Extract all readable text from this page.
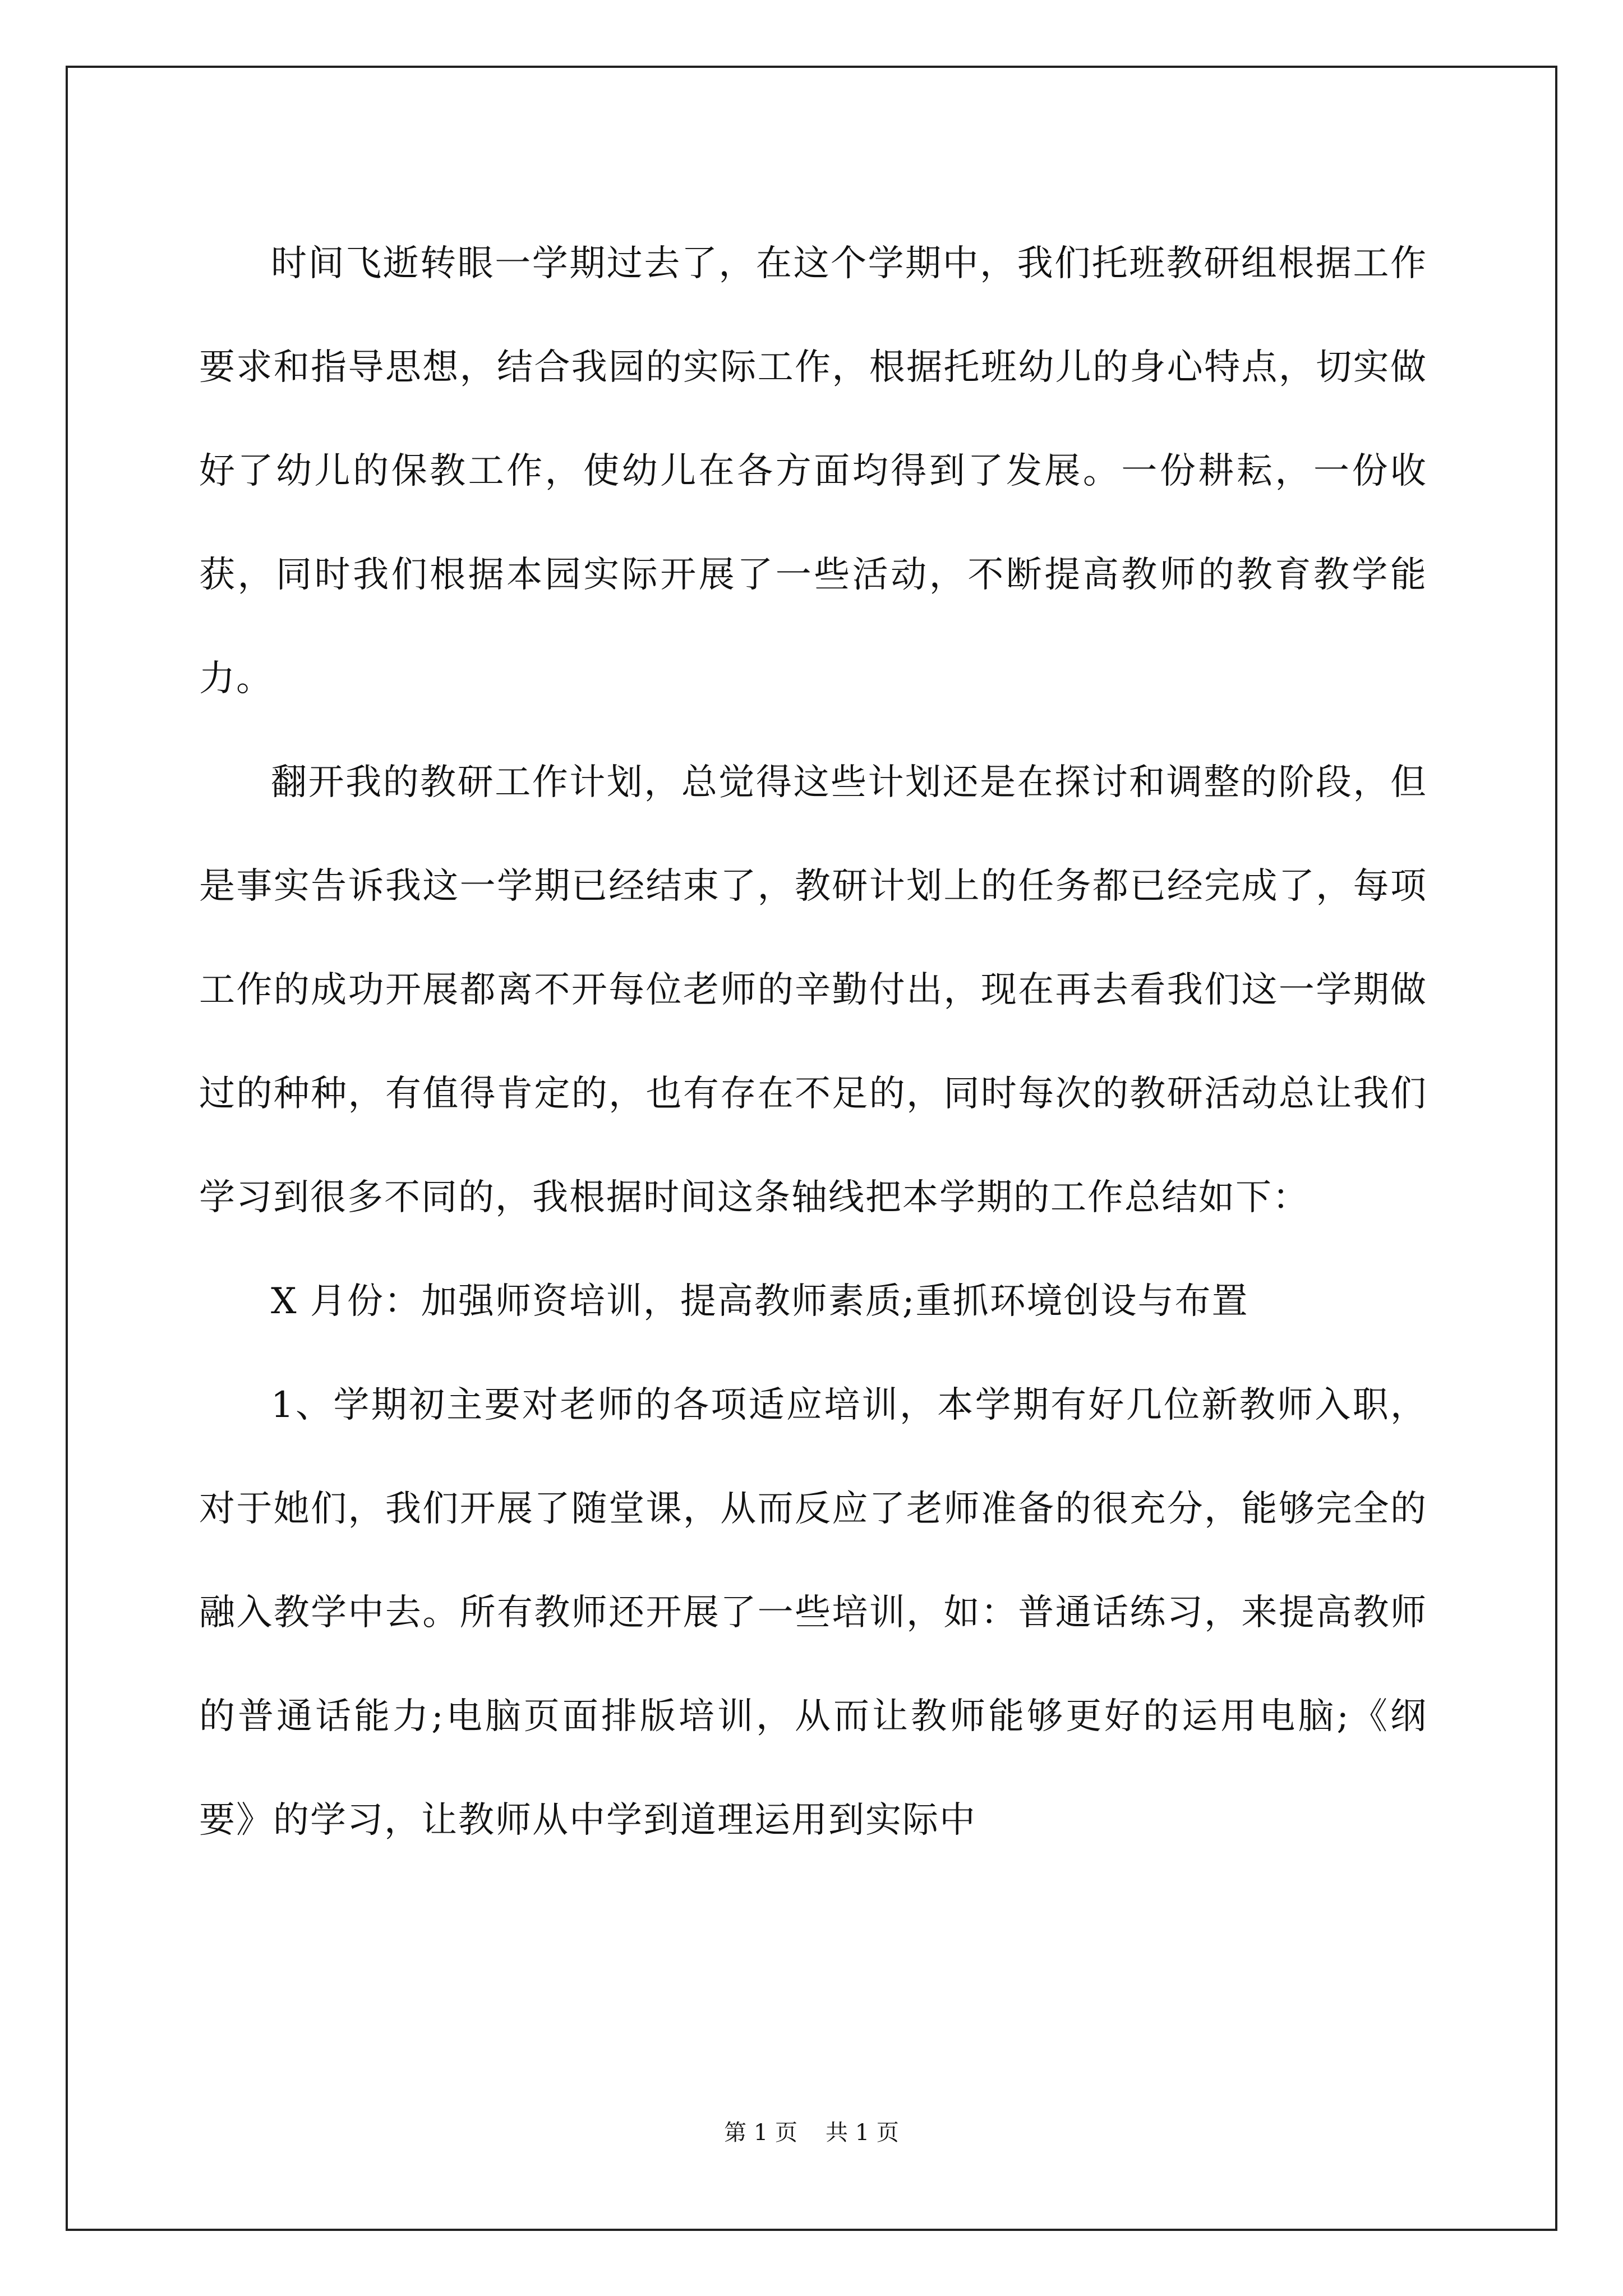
时间飞逝转眼一学期过去了，在这个学期中，我们托班教研组根据工作要求和指导思想，结合我园的实际工作，根据托班幼儿的身心特点，切实做好了幼儿的保教工作，使幼儿在各方面均得到了发展。一份耕耘，一份收获，同时我们根据本园实际开展了一些活动，不断提高教师的教育教学能力。

翻开我的教研工作计划，总觉得这些计划还是在探讨和调整的阶段，但是事实告诉我这一学期已经结束了，教研计划上的任务都已经完成了，每项工作的成功开展都离不开每位老师的辛勤付出，现在再去看我们这一学期做过的种种，有值得肯定的，也有存在不足的，同时每次的教研活动总让我们学习到很多不同的，我根据时间这条轴线把本学期的工作总结如下：

X 月份：加强师资培训，提高教师素质;重抓环境创设与布置

1、学期初主要对老师的各项适应培训，本学期有好几位新教师入职，对于她们，我们开展了随堂课，从而反应了老师准备的很充分，能够完全的融入教学中去。所有教师还开展了一些培训，如：普通话练习，来提高教师的普通话能力;电脑页面排版培训，从而让教师能够更好的运用电脑;《纲要》的学习，让教师从中学到道理运用到实际中

第 1 页 共 1 页
